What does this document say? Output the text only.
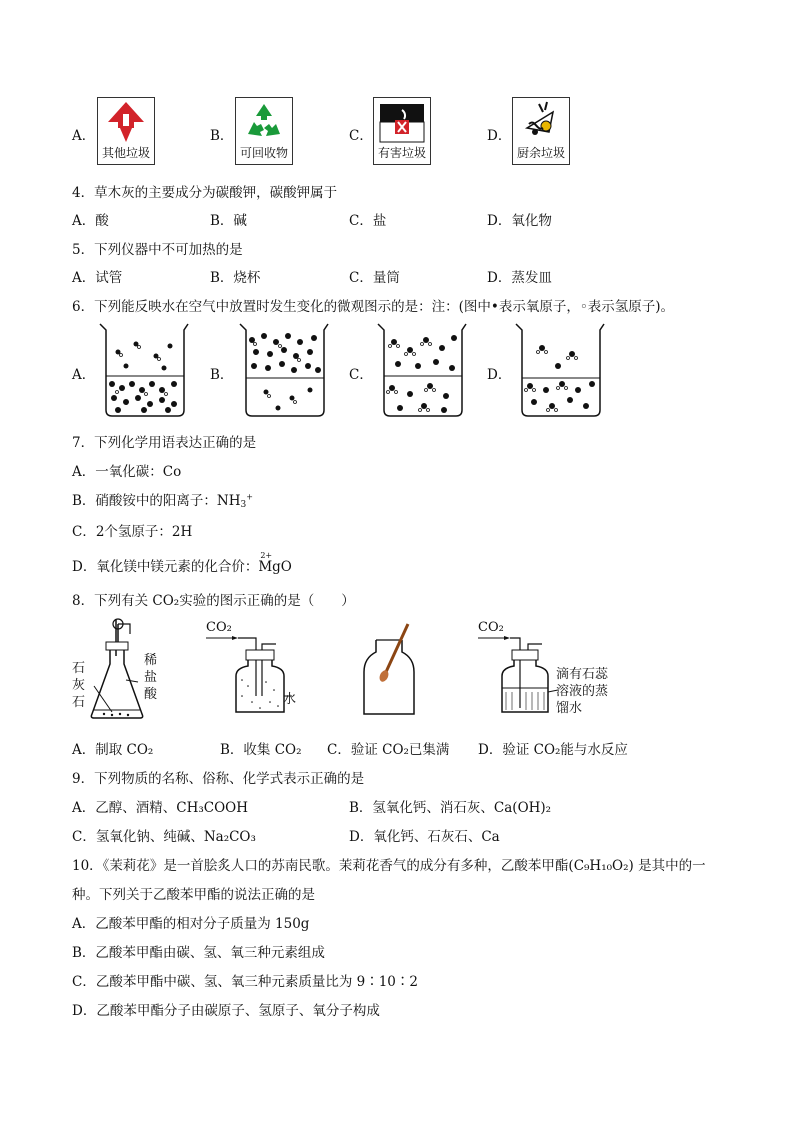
A．
其他垃圾
B．
可回收物
C．
有害垃圾
D．
厨余垃圾
4．草木灰的主要成分为碳酸钾，碳酸钾属于
A．酸	B．碱	C．盐	D．氧化物
5．下列仪器中不可加热的是
A．试管	B．烧杯	C．量筒	D．蒸发皿
6．下列能反映水在空气中放置时发生变化的微观图示的是：注：(图中•表示氧原子，◦表示氢原子)。
A．	B．	C．	D．
7．下列化学用语表达正确的是
A．一氧化碳：Co
B．硝酸铵中的阳离子：$NH_3^+$
C．2个氢原子：2H
D．氧化镁中镁元素的化合价：
2+
MgO
8．下列有关 CO₂实验的图示正确的是（　　）
石
灰
石
稀
盐
酸
CO₂
水
CO₂
滴有石蕊
溶液的蒸
馏水
A．制取 CO₂	B．收集 CO₂ C．验证 CO₂已集满 D．验证 CO₂能与水反应
9．下列物质的名称、俗称、化学式表示正确的是
A．乙醇、酒精、CH₃COOH	B．氢氧化钙、消石灰、Ca(OH)₂
C．氢氧化钠、纯碱、Na₂CO₃	D．氧化钙、石灰石、Ca
10．《茉莉花》是一首脍炙人口的苏南民歌。茉莉花香气的成分有多种，乙酸苯甲酯(C₉H₁₀O₂) 是其中的一
种。下列关于乙酸苯甲酯的说法正确的是
A．乙酸苯甲酯的相对分子质量为 150g
B．乙酸苯甲酯由碳、氢、氧三种元素组成
C．乙酸苯甲酯中碳、氢、氧三种元素质量比为 9∶10∶2
D．乙酸苯甲酯分子由碳原子、氢原子、氧分子构成
